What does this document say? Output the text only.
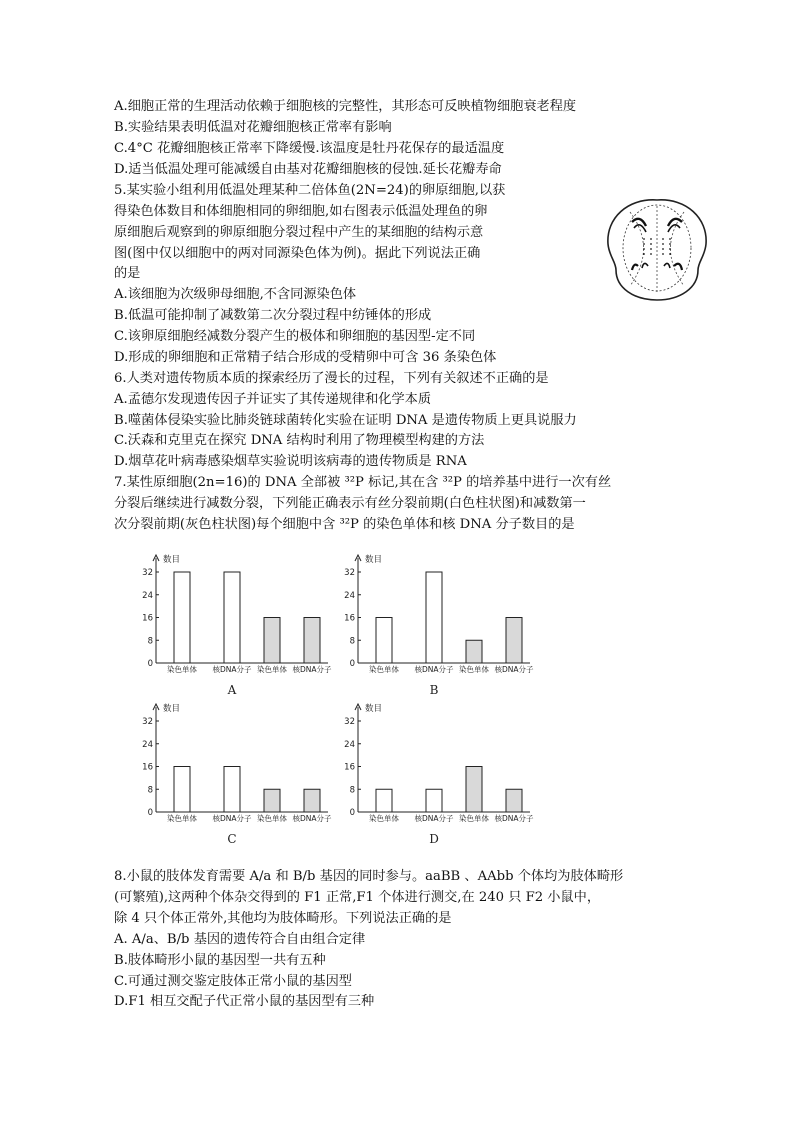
A.细胞正常的生理活动依赖于细胞核的完整性，其形态可反映植物细胞衰老程度
B.实验结果表明低温对花瓣细胞核正常率有影响
C.4°C 花瓣细胞核正常率下降缓慢.该温度是牡丹花保存的最适温度
D.适当低温处理可能减缓自由基对花瓣细胞核的侵蚀.延长花瓣寿命
5.某实验小组利用低温处理某种二倍体鱼(2N=24)的卵原细胞,以获
得染色体数目和体细胞相同的卵细胞,如右图表示低温处理鱼的卵
原细胞后观察到的卵原细胞分裂过程中产生的某细胞的结构示意
图(图中仅以细胞中的两对同源染色体为例)。据此下列说法正确
的是
A.该细胞为次级卵母细胞,不含同源染色体
B.低温可能抑制了减数第二次分裂过程中纺锤体的形成
C.该卵原细胞经减数分裂产生的极体和卵细胞的基因型-定不同
D.形成的卵细胞和正常精子结合形成的受精卵中可含 36 条染色体
6.人类对遗传物质本质的探索经历了漫长的过程，下列有关叙述不正确的是
A.孟德尔发现遗传因子并证实了其传递规律和化学本质
B.噬菌体侵染实验比肺炎链球菌转化实验在证明 DNA 是遗传物质上更具说服力
C.沃森和克里克在探究 DNA 结构时利用了物理模型构建的方法
D.烟草花叶病毒感染烟草实验说明该病毒的遗传物质是 RNA
7.某性原细胞(2n=16)的 DNA 全部被 ³²P 标记,其在含 ³²P 的培养基中进行一次有丝
分裂后继续进行减数分裂，下列能正确表示有丝分裂前期(白色柱状图)和减数第一
次分裂前期(灰色柱状图)每个细胞中含 ³²P 的染色单体和核 DNA 分子数目的是
数目
0
8
16
24
32
染色单体 核DNA分子 染色单体 核DNA分子
A
数目
0
8
16
24
32
染色单体 核DNA分子 染色单体 核DNA分子
B
数目
0
8
16
24
32
染色单体 核DNA分子 染色单体 核DNA分子
C
数目
0
8
16
24
32
染色单体 核DNA分子 染色单体 核DNA分子
D
8.小鼠的肢体发育需要 A/a 和 B/b 基因的同时参与。aaBB 、AAbb 个体均为肢体畸形
(可繁殖),这两种个体杂交得到的 F1 正常,F1 个体进行测交,在 240 只 F2 小鼠中，
除 4 只个体正常外,其他均为肢体畸形。下列说法正确的是
A. A/a、B/b 基因的遗传符合自由组合定律
B.肢体畸形小鼠的基因型一共有五种
C.可通过测交鉴定肢体正常小鼠的基因型
D.F1 相互交配子代正常小鼠的基因型有三种
